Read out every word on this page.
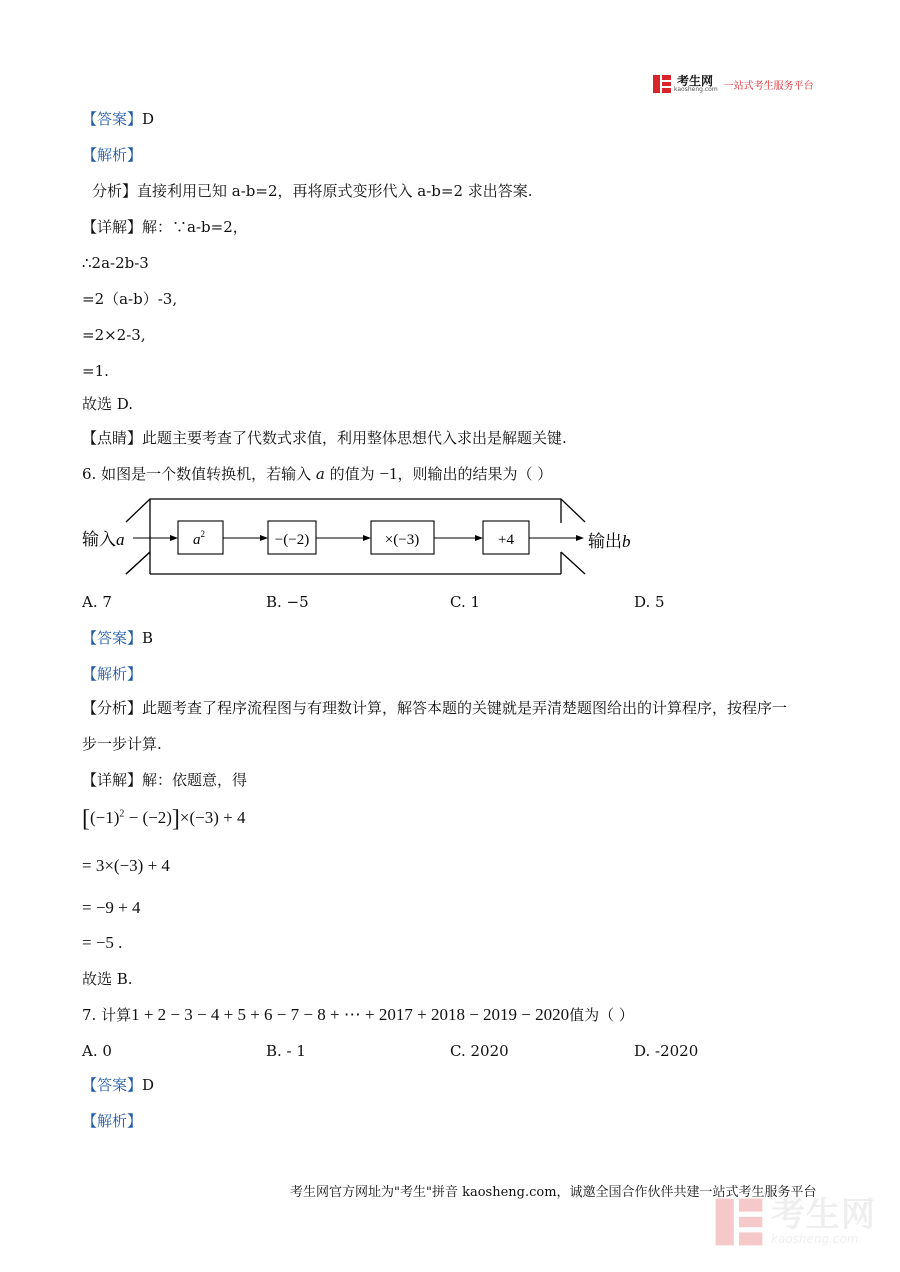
考生网
kaosheng.com 一站式考生服务平台
【答案】D
【解析】
分析】直接利用已知 a-b=2，再将原式变形代入 a-b=2 求出答案.
【详解】解：∵a-b=2，
∴2a-2b-3
=2（a-b）-3,
=2×2-3,
=1.
故选 D.
【点睛】此题主要考查了代数式求值，利用整体思想代入求出是解题关键.
6. 如图是一个数值转换机，若输入 a 的值为 −1，则输出的结果为（ ）
输入a	$a^2$	−(−2)	×(−3)	+4	输出b
A. 7	B. −5	C. 1	D. 5
【答案】B
【解析】
【分析】此题考查了程序流程图与有理数计算，解答本题的关键就是弄清楚题图给出的计算程序，按程序一
步一步计算.
【详解】解：依题意，得
$[(-1)^2 - (-2)]\times(-3) + 4$
= 3×(−3) + 4
= −9 + 4
= −5 .
故选 B.
7. 计算1 + 2 − 3 − 4 + 5 + 6 − 7 − 8 + ⋯ + 2017 + 2018 − 2019 − 2020值为（ ）
A. 0	B. - 1	C. 2020	D. -2020
【答案】D
【解析】
考生网官方网址为"考生"拼音 kaosheng.com，诚邀全国合作伙伴共建一站式考生服务平台
考生网
kaosheng.com
